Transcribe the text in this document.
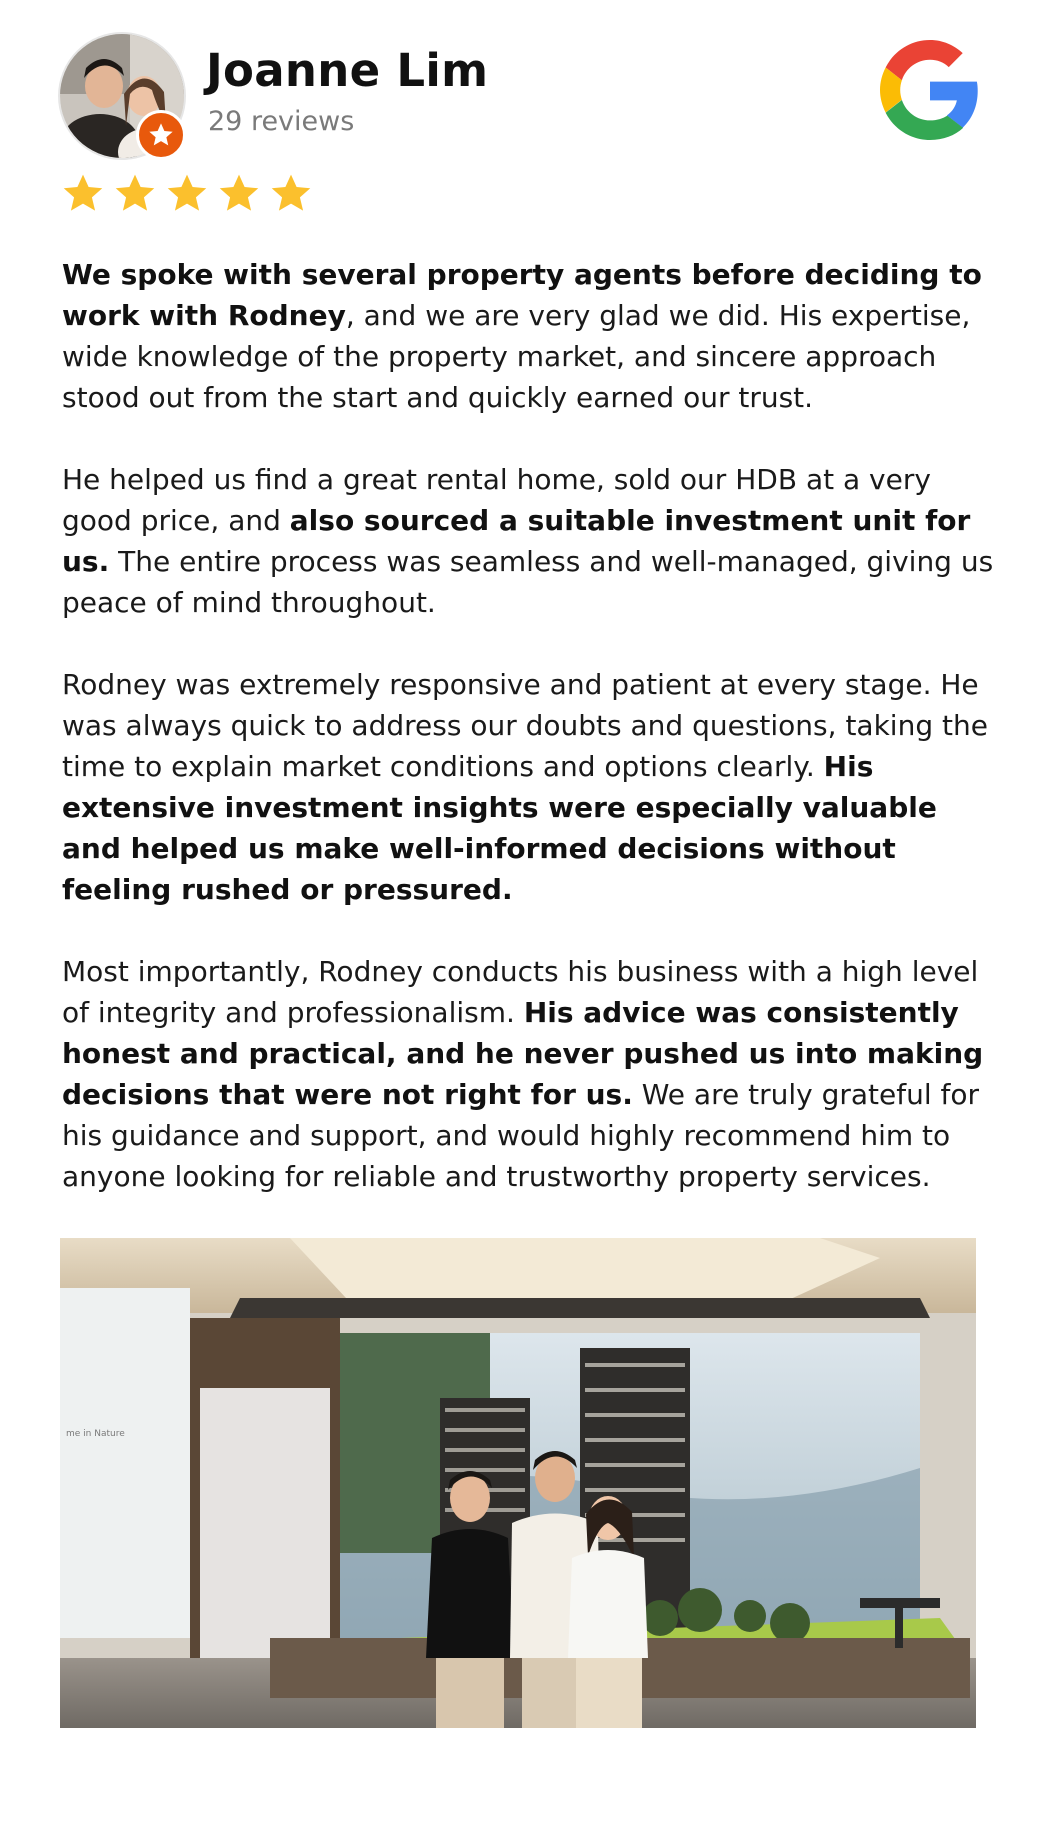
Joanne Lim
29 reviews

We spoke with several property agents before deciding to work with Rodney, and we are very glad we did. His expertise, wide knowledge of the property market, and sincere approach stood out from the start and quickly earned our trust.

He helped us find a great rental home, sold our HDB at a very good price, and also sourced a suitable investment unit for us. The entire process was seamless and well-managed, giving us peace of mind throughout.

Rodney was extremely responsive and patient at every stage. He was always quick to address our doubts and questions, taking the time to explain market conditions and options clearly. His extensive investment insights were especially valuable and helped us make well-informed decisions without feeling rushed or pressured.

Most importantly, Rodney conducts his business with a high level of integrity and professionalism. His advice was consistently honest and practical, and he never pushed us into making decisions that were not right for us. We are truly grateful for his guidance and support, and would highly recommend him to anyone looking for reliable and trustworthy property services.

me in Nature
